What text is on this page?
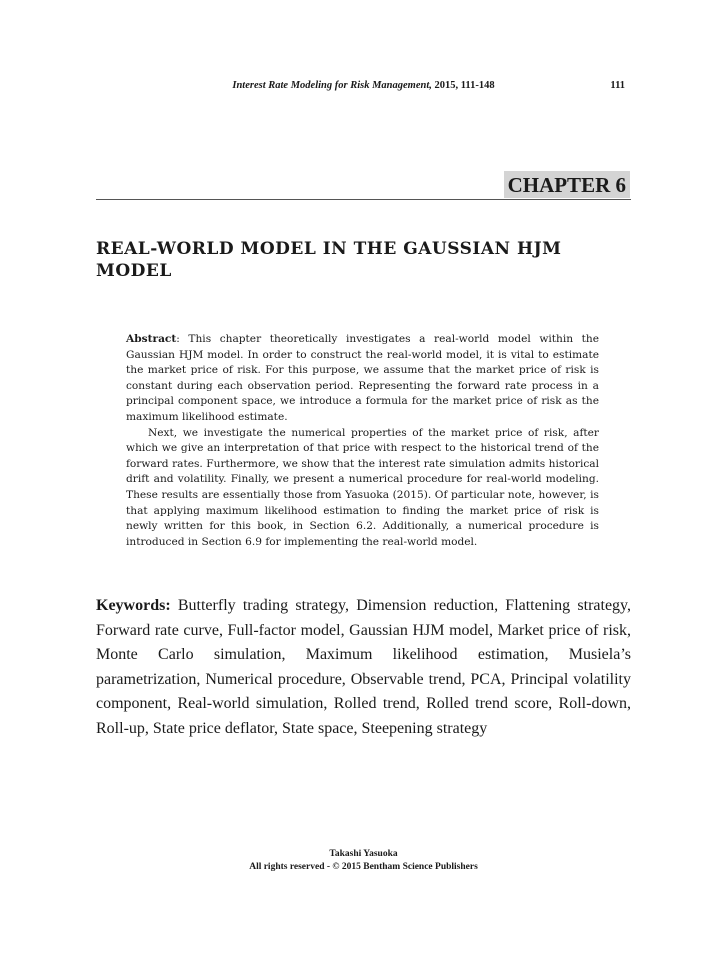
Interest Rate Modeling for Risk Management, 2015, 111-148	111
CHAPTER 6
REAL-WORLD MODEL IN THE GAUSSIAN HJM MODEL

Abstract: This chapter theoretically investigates a real-world model within the Gaussian HJM model. In order to construct the real-world model, it is vital to estimate the market price of risk. For this purpose, we assume that the market price of risk is constant during each observation period. Representing the forward rate process in a principal component space, we introduce a formula for the market price of risk as the maximum likelihood estimate.

Next, we investigate the numerical properties of the market price of risk, after which we give an interpretation of that price with respect to the historical trend of the forward rates. Furthermore, we show that the interest rate simulation admits historical drift and volatility. Finally, we present a numerical procedure for real-world modeling. These results are essentially those from Yasuoka (2015). Of particular note, however, is that applying maximum likelihood estimation to finding the market price of risk is newly written for this book, in Section 6.2. Additionally, a numerical procedure is introduced in Section 6.9 for implementing the real-world model.

Keywords: Butterfly trading strategy, Dimension reduction, Flattening strategy, Forward rate curve, Full-factor model, Gaussian HJM model, Market price of risk, Monte Carlo simulation, Maximum likelihood estimation, Musiela’s parametrization, Numerical procedure, Observable trend, PCA, Principal volatility component, Real-world simulation, Rolled trend, Rolled trend score, Roll-down, Roll-up, State price deflator, State space, Steepening strategy
Takashi Yasuoka
All rights reserved - © 2015 Bentham Science Publishers
